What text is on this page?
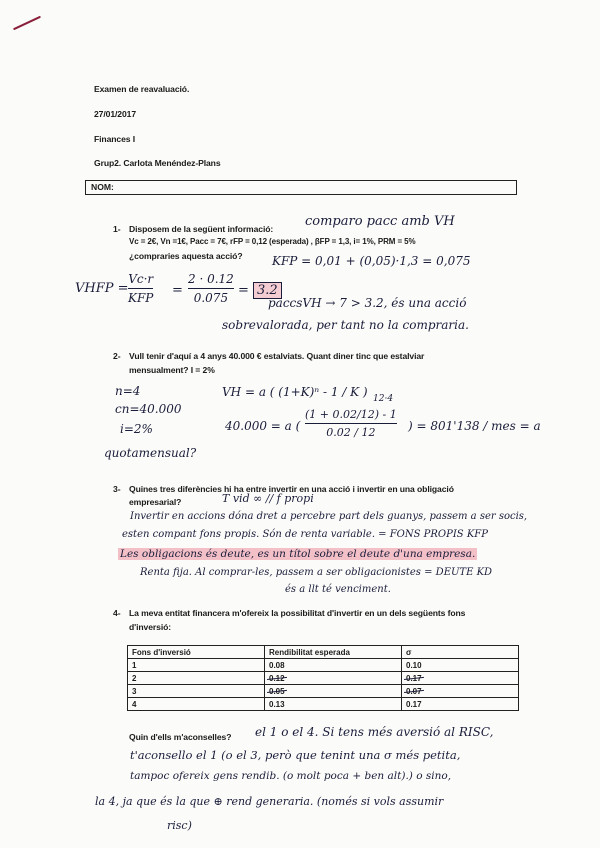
Examen de reavaluació.
27/01/2017
Finances I
Grup2. Carlota Menéndez-Plans
NOM:
1- Disposem de la següent informació:
Vc = 2€, Vn =1€, Pacc = 7€, rFP = 0,12 (esperada) , βFP = 1,3, i= 1%, PRM = 5%
¿compraries aquesta acció?
comparo pacc amb VH
KFP = 0,01 + (0,05)·1,3 = 0,075
VHFP =
Vc·r
KFP =
2 · 0.12
0.075 = 3.2
paccsVH → 7 > 3.2, és una acció
sobrevalorada, per tant no la compraria.
2- Vull tenir d'aquí a 4 anys 40.000 € estalviats. Quant diner tinc que estalviar
mensualment? I = 2%
n=4
cn=40.000
i=2%
quotamensual?
VH = a ( (1+K)ⁿ - 1 / K ) 12·4
40.000 = a (
(1 + 0.02/12) - 1
0.02 / 12	) = 801'138 / mes = a
3- Quines tres diferències hi ha entre invertir en una acció i invertir en una obligació
empresarial?	T vid ∞ // f propi
Invertir en accions dóna dret a percebre part dels guanys, passem a ser socis,
esten compant fons propis. Són de renta variable. = FONS PROPIS KFP
Les obligacions és deute, es un títol sobre el deute d'una empresa.
Renta fija. Al comprar-les, passem a ser obligacionistes = DEUTE KD
és a llt té venciment.
4- La meva entitat financera m'ofereix la possibilitat d'invertir en un dels següents fons
d'inversió:
Fons d'inversió	Rendibilitat esperada	σ
1	0.08	0.10
2	0.12	0.17
3	0.05	0.07
4	0.13	0.17
Quin d'ells m'aconselles? el 1 o el 4. Si tens més aversió al RISC,
t'aconsello el 1 (o el 3, però que tenint una σ més petita,
tampoc ofereix gens rendib. (o molt poca + ben alt).) o sino,
la 4, ja que és la que ⊕ rend generaria. (només si vols assumir
risc)
